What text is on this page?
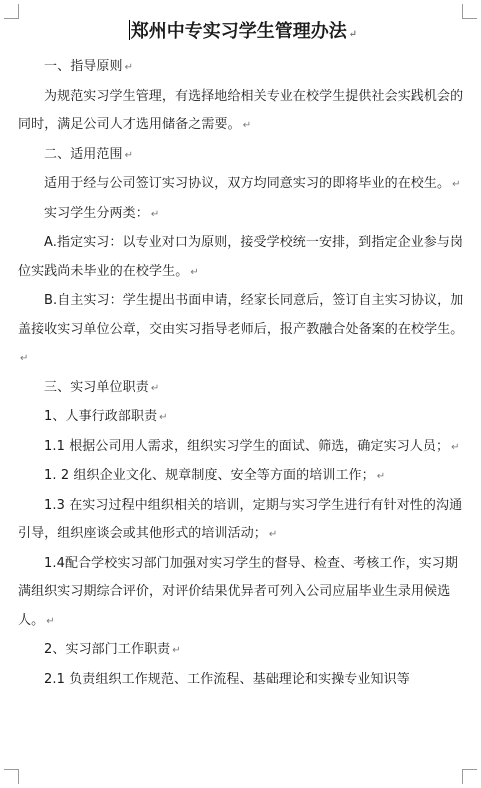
郑州中专实习学生管理办法 ↵

一、指导原则 ↵

为规范实习学生管理，有选择地给相关专业在校学生提供社会实践机会的同时，满足公司人才选用储备之需要。 ↵

二、适用范围 ↵

适用于经与公司签订实习协议，双方均同意实习的即将毕业的在校生。 ↵

实习学生分两类： ↵

A.指定实习：以专业对口为原则，接受学校统一安排，到指定企业参与岗位实践尚未毕业的在校学生。 ↵

B.自主实习：学生提出书面申请，经家长同意后，签订自主实习协议，加盖接收实习单位公章，交由实习指导老师后，报产教融合处备案的在校学生。↵

三、实习单位职责 ↵

1、人事行政部职责 ↵

1.1 根据公司用人需求，组织实习学生的面试、筛选，确定实习人员； ↵

1. 2 组织企业文化、规章制度、安全等方面的培训工作； ↵

1.3 在实习过程中组织相关的培训，定期与实习学生进行有针对性的沟通引导，组织座谈会或其他形式的培训活动； ↵

1.4配合学校实习部门加强对实习学生的督导、检查、考核工作，实习期满组织实习期综合评价，对评价结果优异者可列入公司应届毕业生录用候选人。 ↵

2、实习部门工作职责 ↵

2.1 负责组织工作规范、工作流程、基础理论和实操专业知识等
